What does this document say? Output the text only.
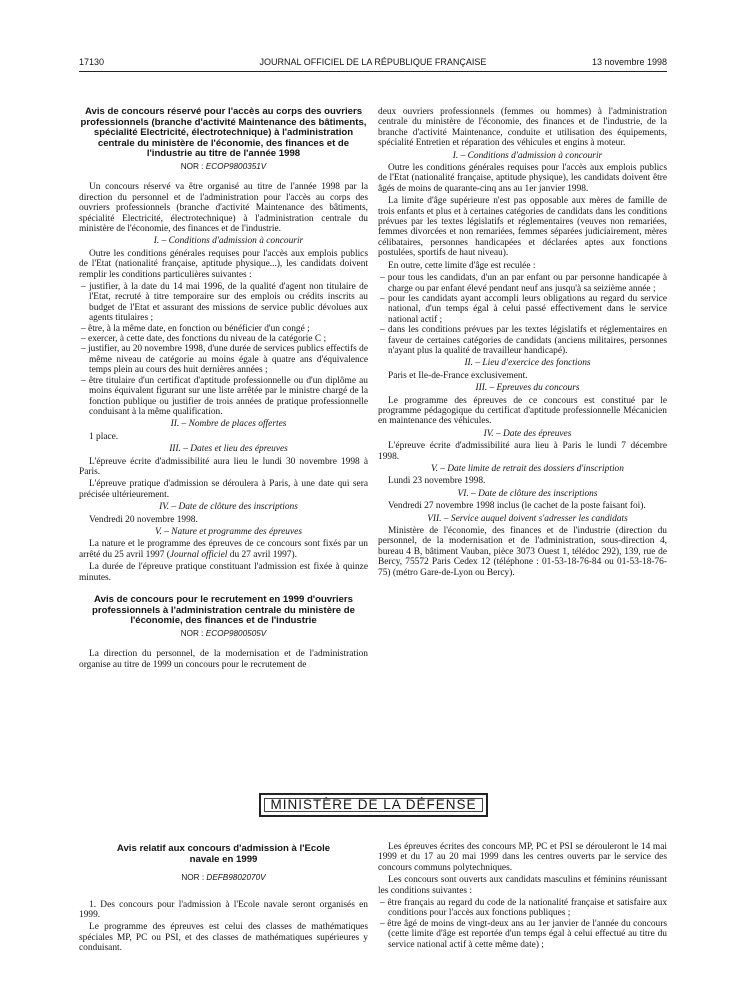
17130	JOURNAL OFFICIEL DE LA RÉPUBLIQUE FRANÇAISE	13 novembre 1998
Avis de concours réservé pour l'accès au corps des ouvriers professionnels (branche d'activité Maintenance des bâtiments, spécialité Electricité, électrotechnique) à l'administration centrale du ministère de l'économie, des finances et de l'industrie au titre de l'année 1998
NOR : ECOP9800351V

Un concours réservé va être organisé au titre de l'année 1998 par la direction du personnel et de l'administration pour l'accès au corps des ouvriers professionnels (branche d'activité Maintenance des bâtiments, spécialité Electricité, électrotechnique) à l'administration centrale du ministère de l'économie, des finances et de l'industrie.

I. – Conditions d'admission à concourir

Outre les conditions générales requises pour l'accès aux emplois publics de l'Etat (nationalité française, aptitude physique...), les candidats doivent remplir les conditions particulières suivantes :

– justifier, à la date du 14 mai 1996, de la qualité d'agent non titulaire de l'Etat, recruté à titre temporaire sur des emplois ou crédits inscrits au budget de l'Etat et assurant des missions de service public dévolues aux agents titulaires ;
– être, à la même date, en fonction ou bénéficier d'un congé ;
– exercer, à cette date, des fonctions du niveau de la catégorie C ;
– justifier, au 20 novembre 1998, d'une durée de services publics effectifs de même niveau de catégorie au moins égale à quatre ans d'équivalence temps plein au cours des huit dernières années ;
– être titulaire d'un certificat d'aptitude professionnelle ou d'un diplôme au moins équivalent figurant sur une liste arrêtée par le ministre chargé de la fonction publique ou justifier de trois années de pratique professionnelle conduisant à la même qualification.

II. – Nombre de places offertes

1 place.

III. – Dates et lieu des épreuves

L'épreuve écrite d'admissibilité aura lieu le lundi 30 novembre 1998 à Paris.

L'épreuve pratique d'admission se déroulera à Paris, à une date qui sera précisée ultérieurement.

IV. – Date de clôture des inscriptions

Vendredi 20 novembre 1998.

V. – Nature et programme des épreuves

La nature et le programme des épreuves de ce concours sont fixés par un arrêté du 25 avril 1997 (Journal officiel du 27 avril 1997).

La durée de l'épreuve pratique constituant l'admission est fixée à quinze minutes.

Avis de concours pour le recrutement en 1999 d'ouvriers professionnels à l'administration centrale du ministère de l'économie, des finances et de l'industrie
NOR : ECOP9800505V

La direction du personnel, de la modernisation et de l'administration organise au titre de 1999 un concours pour le recrutement de

deux ouvriers professionnels (femmes ou hommes) à l'administration centrale du ministère de l'économie, des finances et de l'industrie, de la branche d'activité Maintenance, conduite et utilisation des équipements, spécialité Entretien et réparation des véhicules et engins à moteur.

I. – Conditions d'admission à concourir

Outre les conditions générales requises pour l'accès aux emplois publics de l'Etat (nationalité française, aptitude physique), les candidats doivent être âgés de moins de quarante-cinq ans au 1er janvier 1998.

La limite d'âge supérieure n'est pas opposable aux mères de famille de trois enfants et plus et à certaines catégories de candidats dans les conditions prévues par les textes législatifs et réglementaires (veuves non remariées, femmes divorcées et non remariées, femmes séparées judiciairement, mères célibataires, personnes handicapées et déclarées aptes aux fonctions postulées, sportifs de haut niveau).

En outre, cette limite d'âge est reculée :

– pour tous les candidats, d'un an par enfant ou par personne handicapée à charge ou par enfant élevé pendant neuf ans jusqu'à sa seizième année ;
– pour les candidats ayant accompli leurs obligations au regard du service national, d'un temps égal à celui passé effectivement dans le service national actif ;
– dans les conditions prévues par les textes législatifs et réglementaires en faveur de certaines catégories de candidats (anciens militaires, personnes n'ayant plus la qualité de travailleur handicapé).

II. – Lieu d'exercice des fonctions

Paris et Ile-de-France exclusivement.

III. – Epreuves du concours

Le programme des épreuves de ce concours est constitué par le programme pédagogique du certificat d'aptitude professionnelle Mécanicien en maintenance des véhicules.

IV. – Date des épreuves

L'épreuve écrite d'admissibilité aura lieu à Paris le lundi 7 décembre 1998.

V. – Date limite de retrait des dossiers d'inscription

Lundi 23 novembre 1998.

VI. – Date de clôture des inscriptions

Vendredi 27 novembre 1998 inclus (le cachet de la poste faisant foi).

VII. – Service auquel doivent s'adresser les candidats

Ministère de l'économie, des finances et de l'industrie (direction du personnel, de la modernisation et de l'administration, sous-direction 4, bureau 4 B, bâtiment Vauban, pièce 3073 Ouest 1, télédoc 292), 139, rue de Bercy, 75572 Paris Cedex 12 (téléphone : 01-53-18-76-84 ou 01-53-18-76-75) (métro Gare-de-Lyon ou Bercy).

MINISTÈRE DE LA DÉFENSE
Avis relatif aux concours d'admission à l'Ecole navale en 1999
NOR : DEFB9802070V

1. Des concours pour l'admission à l'Ecole navale seront organisés en 1999.

Le programme des épreuves est celui des classes de mathématiques spéciales MP, PC ou PSI, et des classes de mathématiques supérieures y conduisant.

Les épreuves écrites des concours MP, PC et PSI se dérouleront le 14 mai 1999 et du 17 au 20 mai 1999 dans les centres ouverts par le service des concours communs polytechniques.

Les concours sont ouverts aux candidats masculins et féminins réunissant les conditions suivantes :

– être français au regard du code de la nationalité française et satisfaire aux conditions pour l'accès aux fonctions publiques ;
– être âgé de moins de vingt-deux ans au 1er janvier de l'année du concours (cette limite d'âge est reportée d'un temps égal à celui effectué au titre du service national actif à cette même date) ;
